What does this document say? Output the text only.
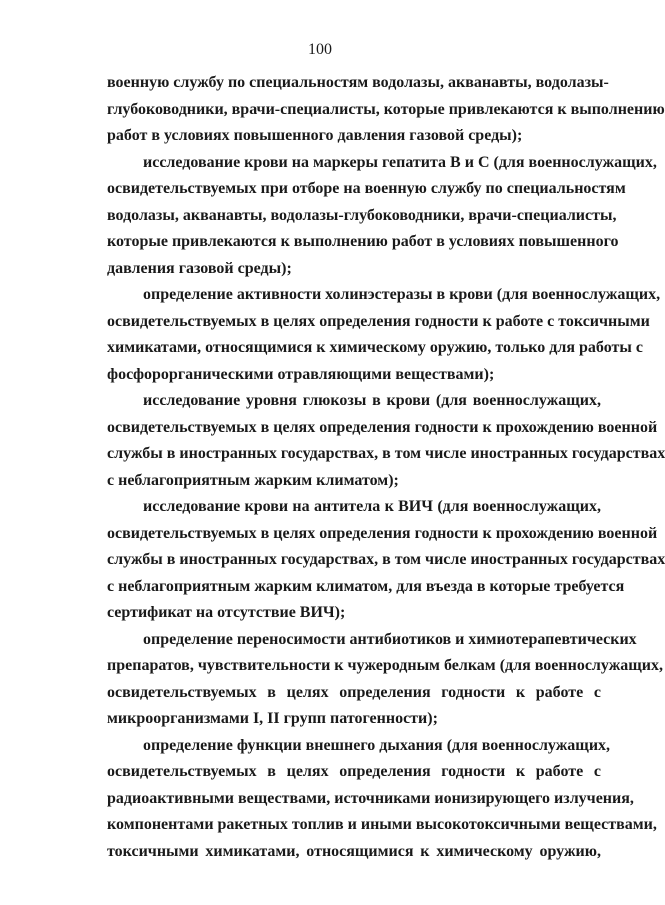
100
военную службу по специальностям водолазы, акванавты, водолазы-
глубоководники, врачи-специалисты, которые привлекаются к выполнению
работ в условиях повышенного давления газовой среды);
исследование крови на маркеры гепатита В и С (для военнослужащих,
освидетельствуемых при отборе на военную службу по специальностям
водолазы, акванавты, водолазы-глубоководники, врачи-специалисты,
которые привлекаются к выполнению работ в условиях повышенного
давления газовой среды);
определение активности холинэстеразы в крови (для военнослужащих,
освидетельствуемых в целях определения годности к работе с токсичными
химикатами, относящимися к химическому оружию, только для работы с
фосфорорганическими отравляющими веществами);
исследование уровня глюкозы в крови (для военнослужащих,
освидетельствуемых в целях определения годности к прохождению военной
службы в иностранных государствах, в том числе иностранных государствах
с неблагоприятным жарким климатом);
исследование крови на антитела к ВИЧ (для военнослужащих,
освидетельствуемых в целях определения годности к прохождению военной
службы в иностранных государствах, в том числе иностранных государствах
с неблагоприятным жарким климатом, для въезда в которые требуется
сертификат на отсутствие ВИЧ);
определение переносимости антибиотиков и химиотерапевтических
препаратов, чувствительности к чужеродным белкам (для военнослужащих,
освидетельствуемых в целях определения годности к работе с
микроорганизмами I, II групп патогенности);
определение функции внешнего дыхания (для военнослужащих,
освидетельствуемых в целях определения годности к работе с
радиоактивными веществами, источниками ионизирующего излучения,
компонентами ракетных топлив и иными высокотоксичными веществами,
токсичными химикатами, относящимися к химическому оружию,
